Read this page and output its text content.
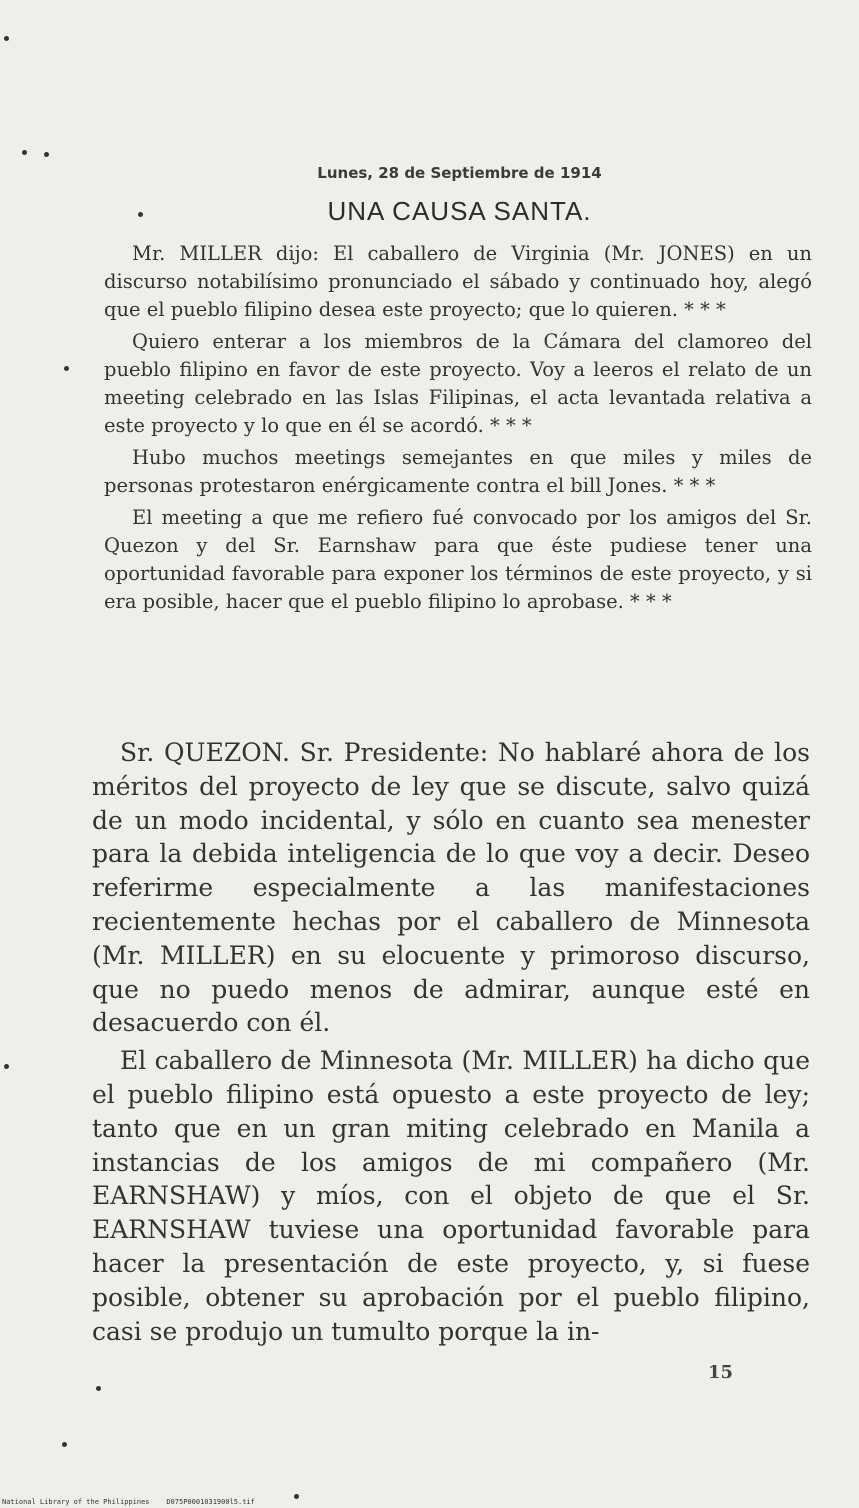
Lunes, 28 de Septiembre de 1914
UNA CAUSA SANTA.

Mr. MILLER dijo: El caballero de Virginia (Mr. JONES) en un discurso notabilísimo pronunciado el sábado y continuado hoy, alegó que el pueblo filipino desea este proyecto; que lo quieren. * * *

Quiero enterar a los miembros de la Cámara del clamoreo del pueblo filipino en favor de este proyecto. Voy a leeros el relato de un meeting celebrado en las Islas Filipinas, el acta levantada relativa a este proyecto y lo que en él se acordó. * * *

Hubo muchos meetings semejantes en que miles y miles de personas protestaron enérgicamente contra el bill Jones. * * *

El meeting a que me refiero fué convocado por los amigos del Sr. Quezon y del Sr. Earnshaw para que éste pudiese tener una oportunidad favorable para exponer los términos de este proyecto, y si era posible, hacer que el pueblo filipino lo aprobase. * * *

Sr. QUEZON. Sr. Presidente: No hablaré ahora de los méritos del proyecto de ley que se discute, salvo quizá de un modo incidental, y sólo en cuanto sea menester para la debida inteligencia de lo que voy a decir. Deseo referirme especialmente a las manifestaciones recientemente hechas por el caballero de Minnesota (Mr. MILLER) en su elocuente y primoroso discurso, que no puedo menos de admirar, aunque esté en desacuerdo con él.

El caballero de Minnesota (Mr. MILLER) ha dicho que el pueblo filipino está opuesto a este proyecto de ley; tanto que en un gran miting celebrado en Manila a instancias de los amigos de mi compañero (Mr. EARNSHAW) y míos, con el objeto de que el Sr. EARNSHAW tuviese una oportunidad favorable para hacer la presentación de este proyecto, y, si fuese posible, obtener su aprobación por el pueblo filipino, casi se produjo un tumulto porque la in-

15
National Library of the Philippines    D075P0001031900l5.tif
